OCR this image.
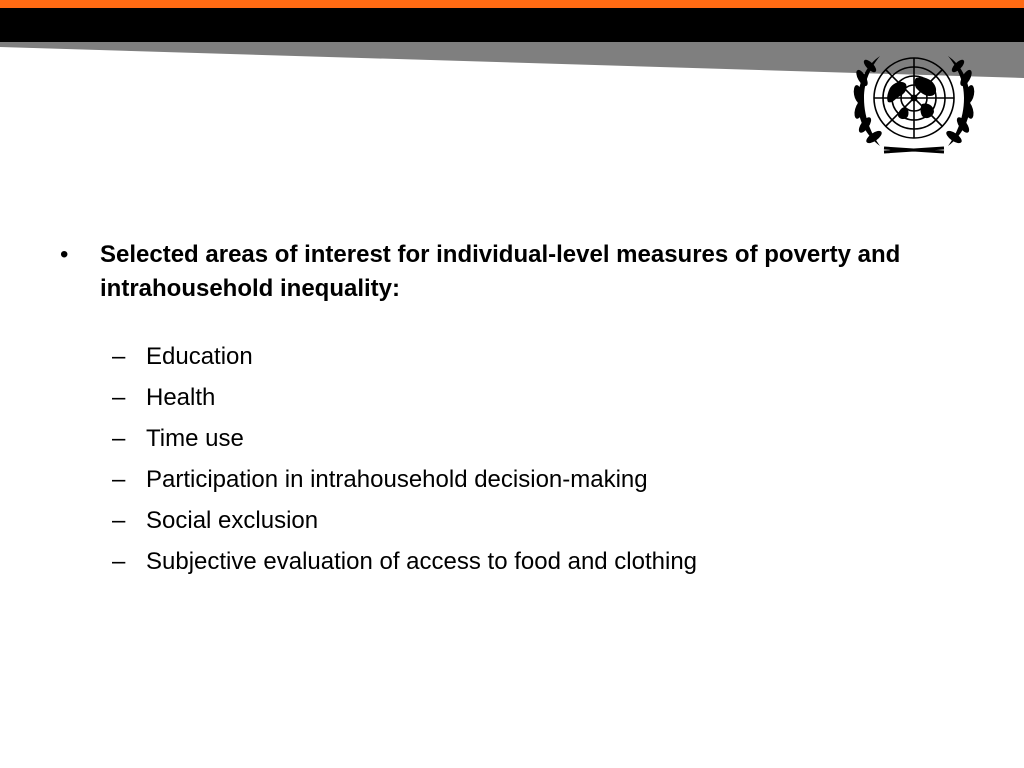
•	Selected areas of interest for individual-level measures of poverty and intrahousehold inequality:
– Education
– Health
– Time use
– Participation in intrahousehold decision-making
– Social exclusion
– Subjective evaluation of access to food and clothing
